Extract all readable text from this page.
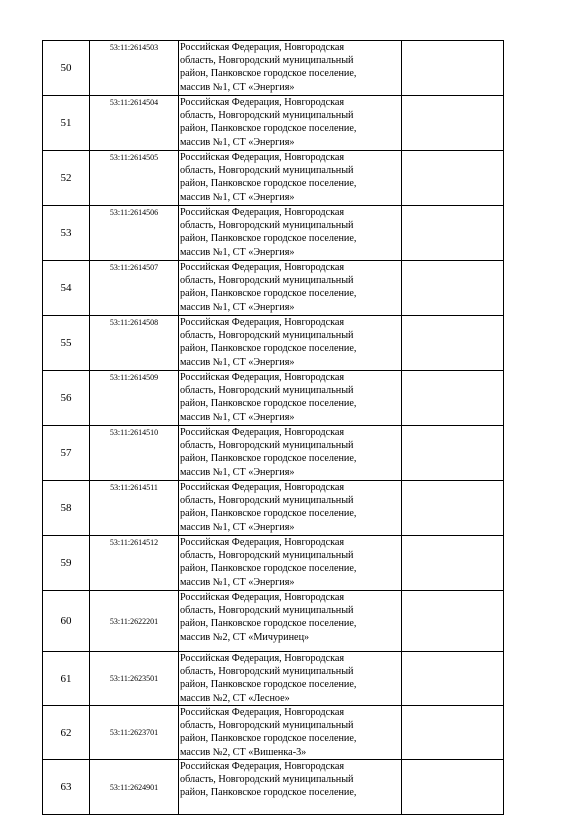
50	53:11:2614503	Российская Федерация, Новгородская
область, Новгородский муниципальный
район, Панковское городское поселение,
массив №1, СТ «Энергия»	

51	53:11:2614504	Российская Федерация, Новгородская
область, Новгородский муниципальный
район, Панковское городское поселение,
массив №1, СТ «Энергия»	

52	53:11:2614505	Российская Федерация, Новгородская
область, Новгородский муниципальный
район, Панковское городское поселение,
массив №1, СТ «Энергия»	

53	53:11:2614506	Российская Федерация, Новгородская
область, Новгородский муниципальный
район, Панковское городское поселение,
массив №1, СТ «Энергия»	

54	53:11:2614507	Российская Федерация, Новгородская
область, Новгородский муниципальный
район, Панковское городское поселение,
массив №1, СТ «Энергия»	

55	53:11:2614508	Российская Федерация, Новгородская
область, Новгородский муниципальный
район, Панковское городское поселение,
массив №1, СТ «Энергия»	

56	53:11:2614509	Российская Федерация, Новгородская
область, Новгородский муниципальный
район, Панковское городское поселение,
массив №1, СТ «Энергия»	

57	53:11:2614510	Российская Федерация, Новгородская
область, Новгородский муниципальный
район, Панковское городское поселение,
массив №1, СТ «Энергия»	

58	53:11:2614511	Российская Федерация, Новгородская
область, Новгородский муниципальный
район, Панковское городское поселение,
массив №1, СТ «Энергия»	

59	53:11:2614512	Российская Федерация, Новгородская
область, Новгородский муниципальный
район, Панковское городское поселение,
массив №1, СТ «Энергия»	

60	53:11:2622201	Российская Федерация, Новгородская
область, Новгородский муниципальный
район, Панковское городское поселение,
массив №2, СТ «Мичуринец»	

61	53:11:2623501	Российская Федерация, Новгородская
область, Новгородский муниципальный
район, Панковское городское поселение,
массив №2, СТ «Лесное»	

62	53:11:2623701	Российская Федерация, Новгородская
область, Новгородский муниципальный
район, Панковское городское поселение,
массив №2, СТ «Вишенка-3»	

63	53:11:2624901	Российская Федерация, Новгородская
область, Новгородский муниципальный
район, Панковское городское поселение,	
